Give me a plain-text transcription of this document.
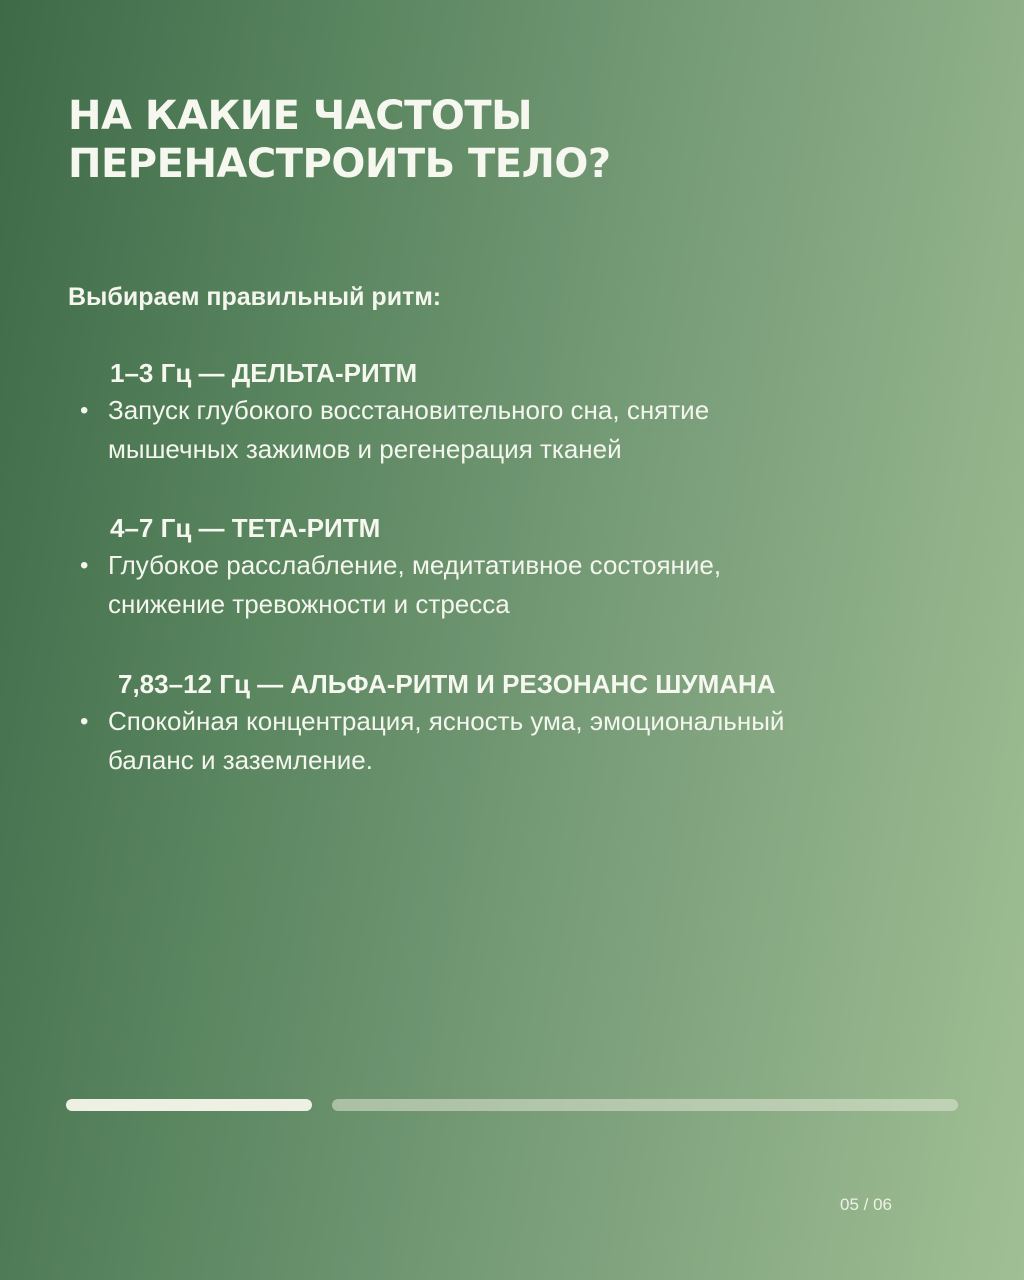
НА КАКИЕ ЧАСТОТЫ
ПЕРЕНАСТРОИТЬ ТЕЛО?

Выбираем правильный ритм:

1–3 Гц — ДЕЛЬТА-РИТМ

• Запуск глубокого восстановительного сна, снятие
мышечных зажимов и регенерация тканей

4–7 Гц — ТЕТА-РИТМ

• Глубокое расслабление, медитативное состояние,
снижение тревожности и стресса

7,83–12 Гц — АЛЬФА-РИТМ И РЕЗОНАНС ШУМАНА

• Спокойная концентрация, ясность ума, эмоциональный
баланс и заземление.
05 / 06
